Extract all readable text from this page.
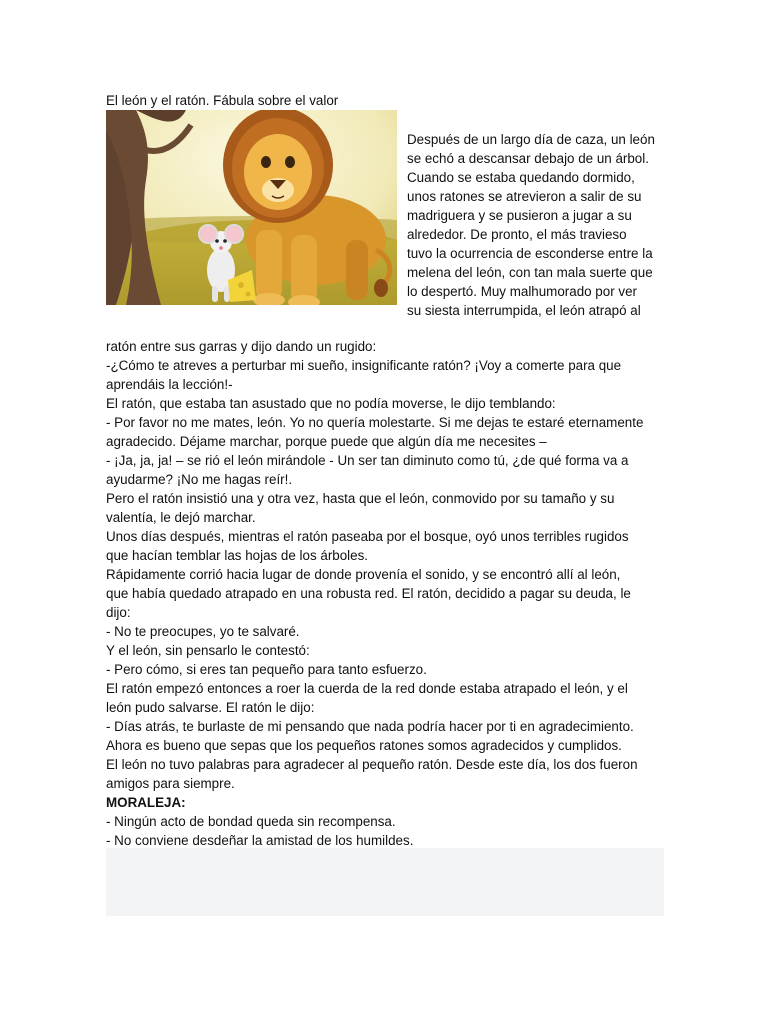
El león y el ratón. Fábula sobre el valor

Después de un largo día de caza, un león

se echó a descansar debajo de un árbol.

Cuando se estaba quedando dormido,

unos ratones se atrevieron a salir de su

madriguera y se pusieron a jugar a su

alrededor. De pronto, el más travieso

tuvo la ocurrencia de esconderse entre la

melena del león, con tan mala suerte que

lo despertó. Muy malhumorado por ver

su siesta interrumpida, el león atrapó al

ratón entre sus garras y dijo dando un rugido:

-¿Cómo te atreves a perturbar mi sueño, insignificante ratón? ¡Voy a comerte para que

aprendáis la lección!-

El ratón, que estaba tan asustado que no podía moverse, le dijo temblando:

- Por favor no me mates, león. Yo no quería molestarte. Si me dejas te estaré eternamente

agradecido. Déjame marchar, porque puede que algún día me necesites –

- ¡Ja, ja, ja! – se rió el león mirándole - Un ser tan diminuto como tú, ¿de qué forma va a

ayudarme? ¡No me hagas reír!.

Pero el ratón insistió una y otra vez, hasta que el león, conmovido por su tamaño y su

valentía, le dejó marchar.

Unos días después, mientras el ratón paseaba por el bosque, oyó unos terribles rugidos

que hacían temblar las hojas de los árboles.

Rápidamente corrió hacia lugar de donde provenía el sonido, y se encontró allí al león,

que había quedado atrapado en una robusta red. El ratón, decidido a pagar su deuda, le

dijo:

- No te preocupes, yo te salvaré.

Y el león, sin pensarlo le contestó:

- Pero cómo, si eres tan pequeño para tanto esfuerzo.

El ratón empezó entonces a roer la cuerda de la red donde estaba atrapado el león, y el

león pudo salvarse. El ratón le dijo:

- Días atrás, te burlaste de mi pensando que nada podría hacer por ti en agradecimiento.

Ahora es bueno que sepas que los pequeños ratones somos agradecidos y cumplidos.

El león no tuvo palabras para agradecer al pequeño ratón. Desde este día, los dos fueron

amigos para siempre.

MORALEJA:

- Ningún acto de bondad queda sin recompensa.

- No conviene desdeñar la amistad de los humildes.
